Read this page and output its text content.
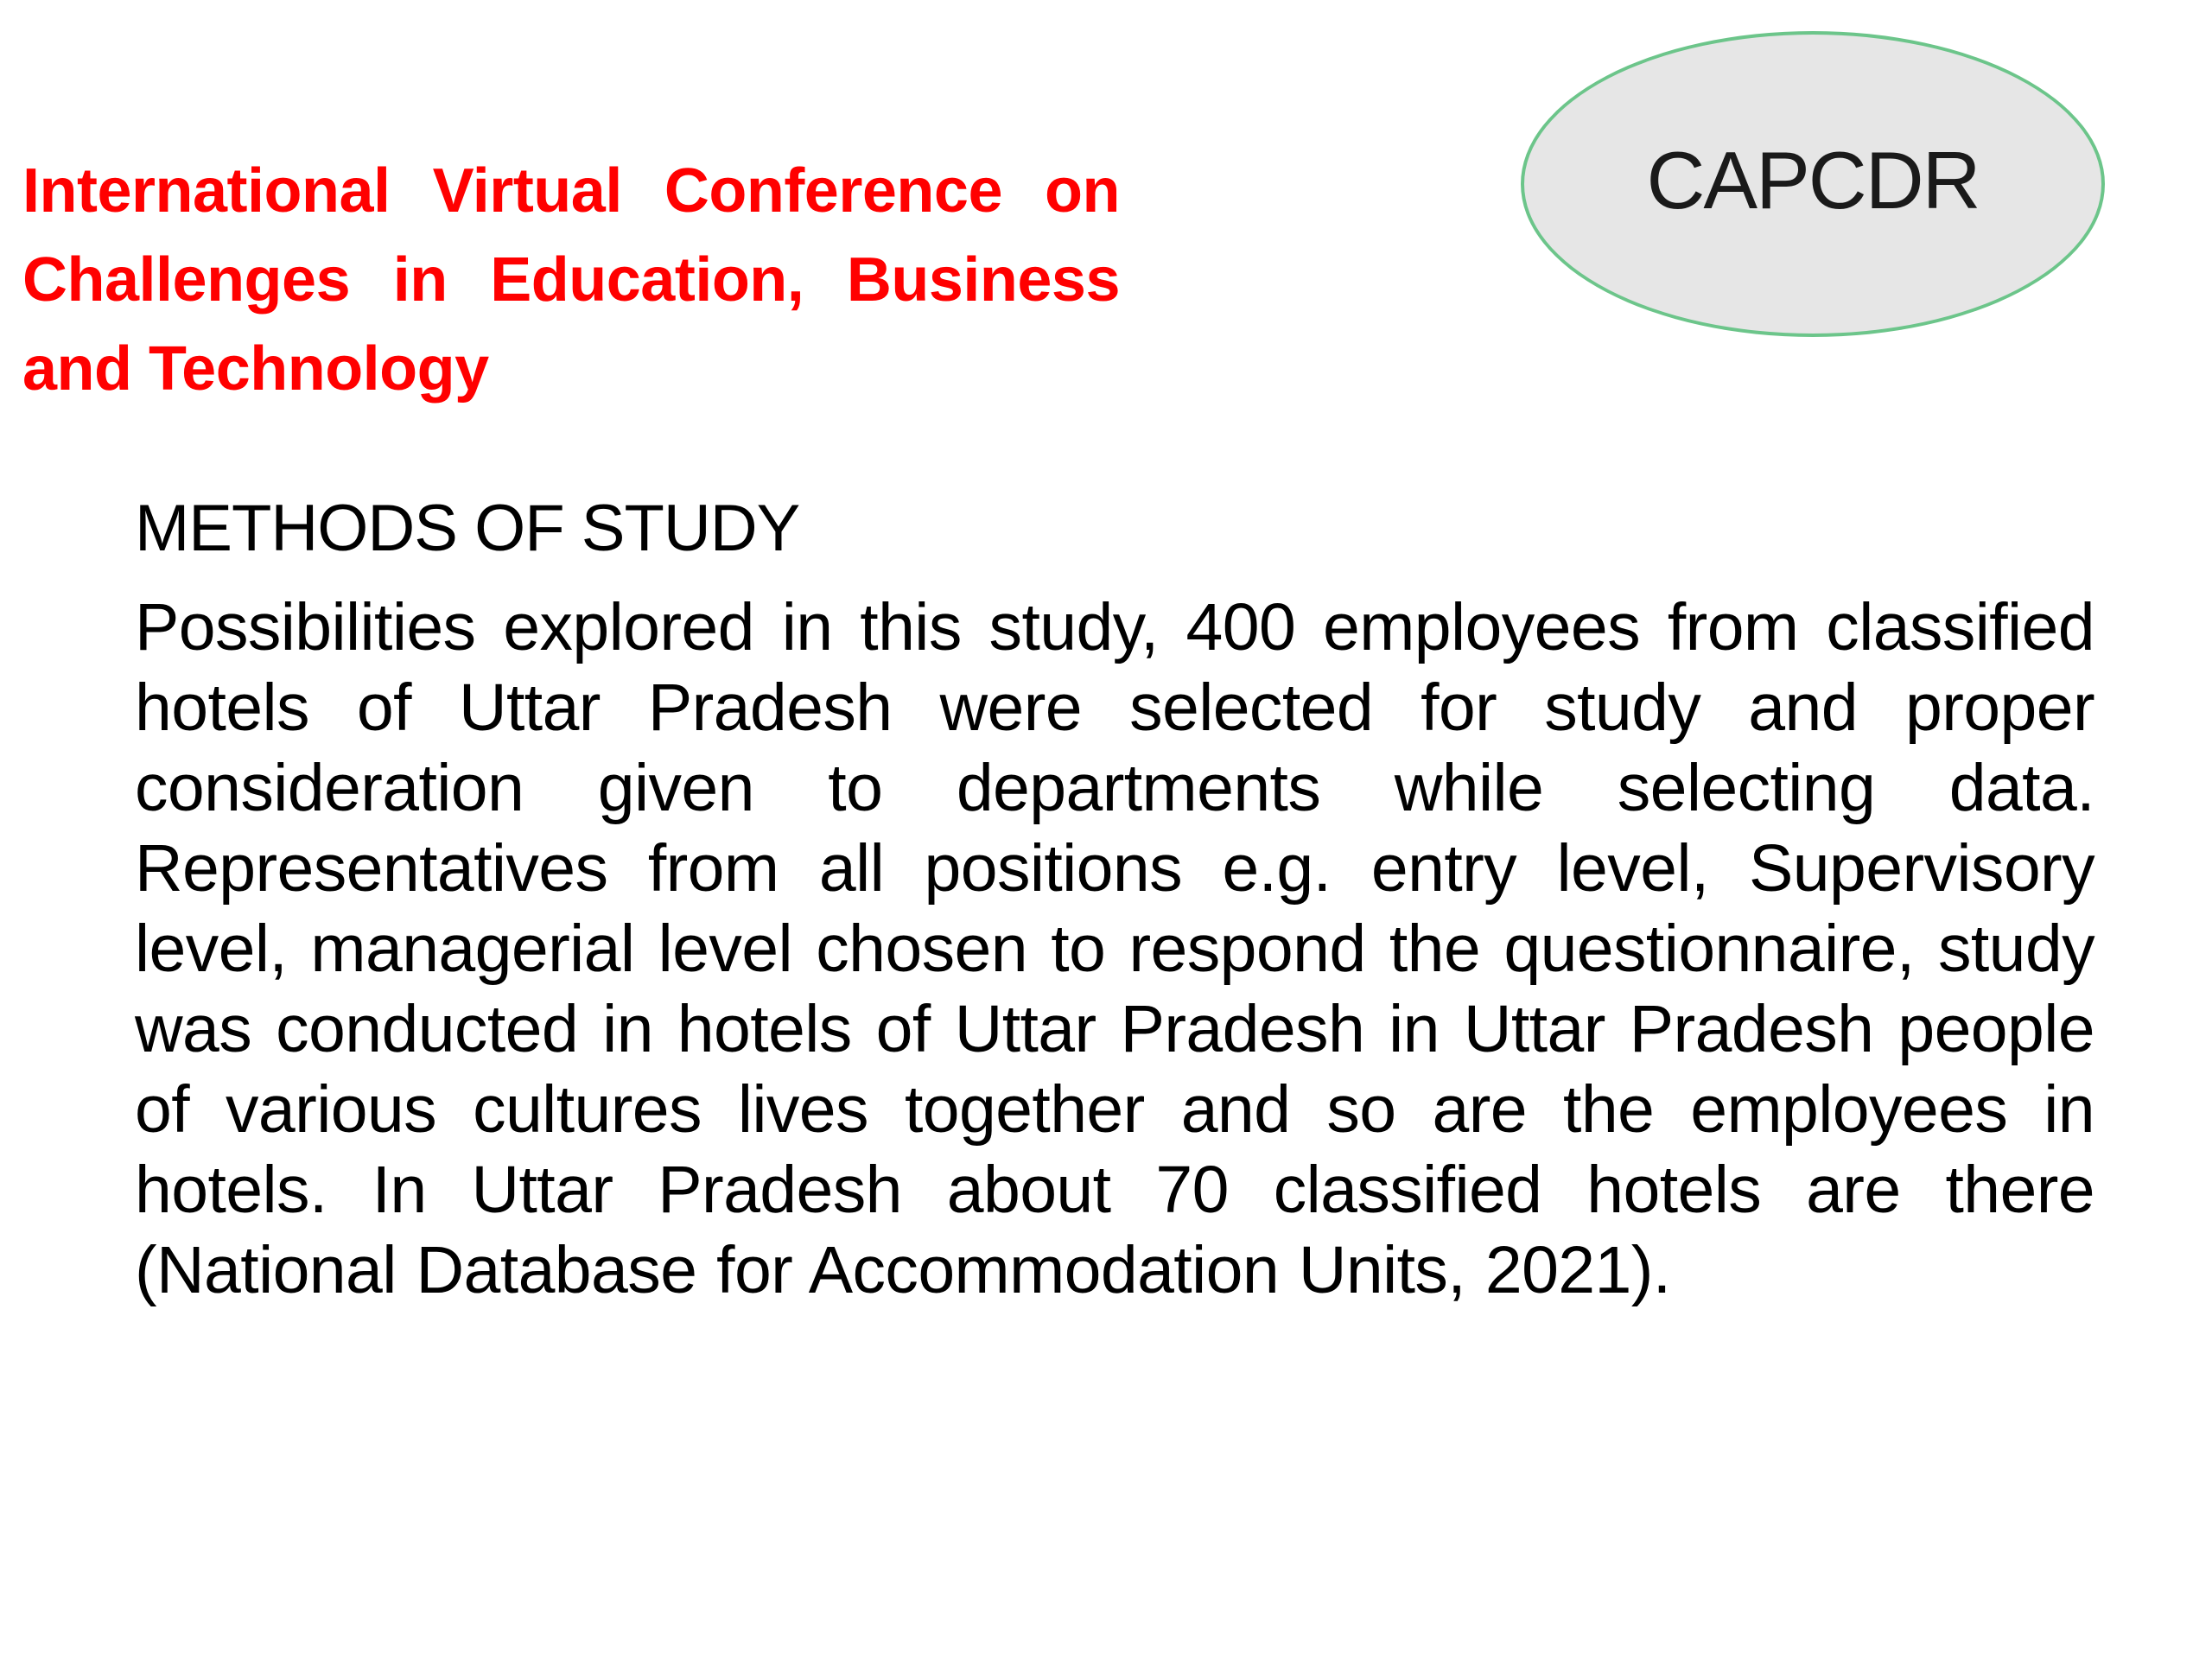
International Virtual Conference on Challenges in Education, Business and Technology
CAPCDR
METHODS OF STUDY

Possibilities explored in this study, 400 employees from classified hotels of Uttar Pradesh were selected for study and proper consideration given to departments while selecting data. Representatives from all positions e.g. entry level, Supervisory level, managerial level chosen to respond the questionnaire, study was conducted in hotels of Uttar Pradesh in Uttar Pradesh people of various cultures lives together and so are the employees in hotels. In Uttar Pradesh about 70 classified hotels are there (National Database for Accommodation Units, 2021).
